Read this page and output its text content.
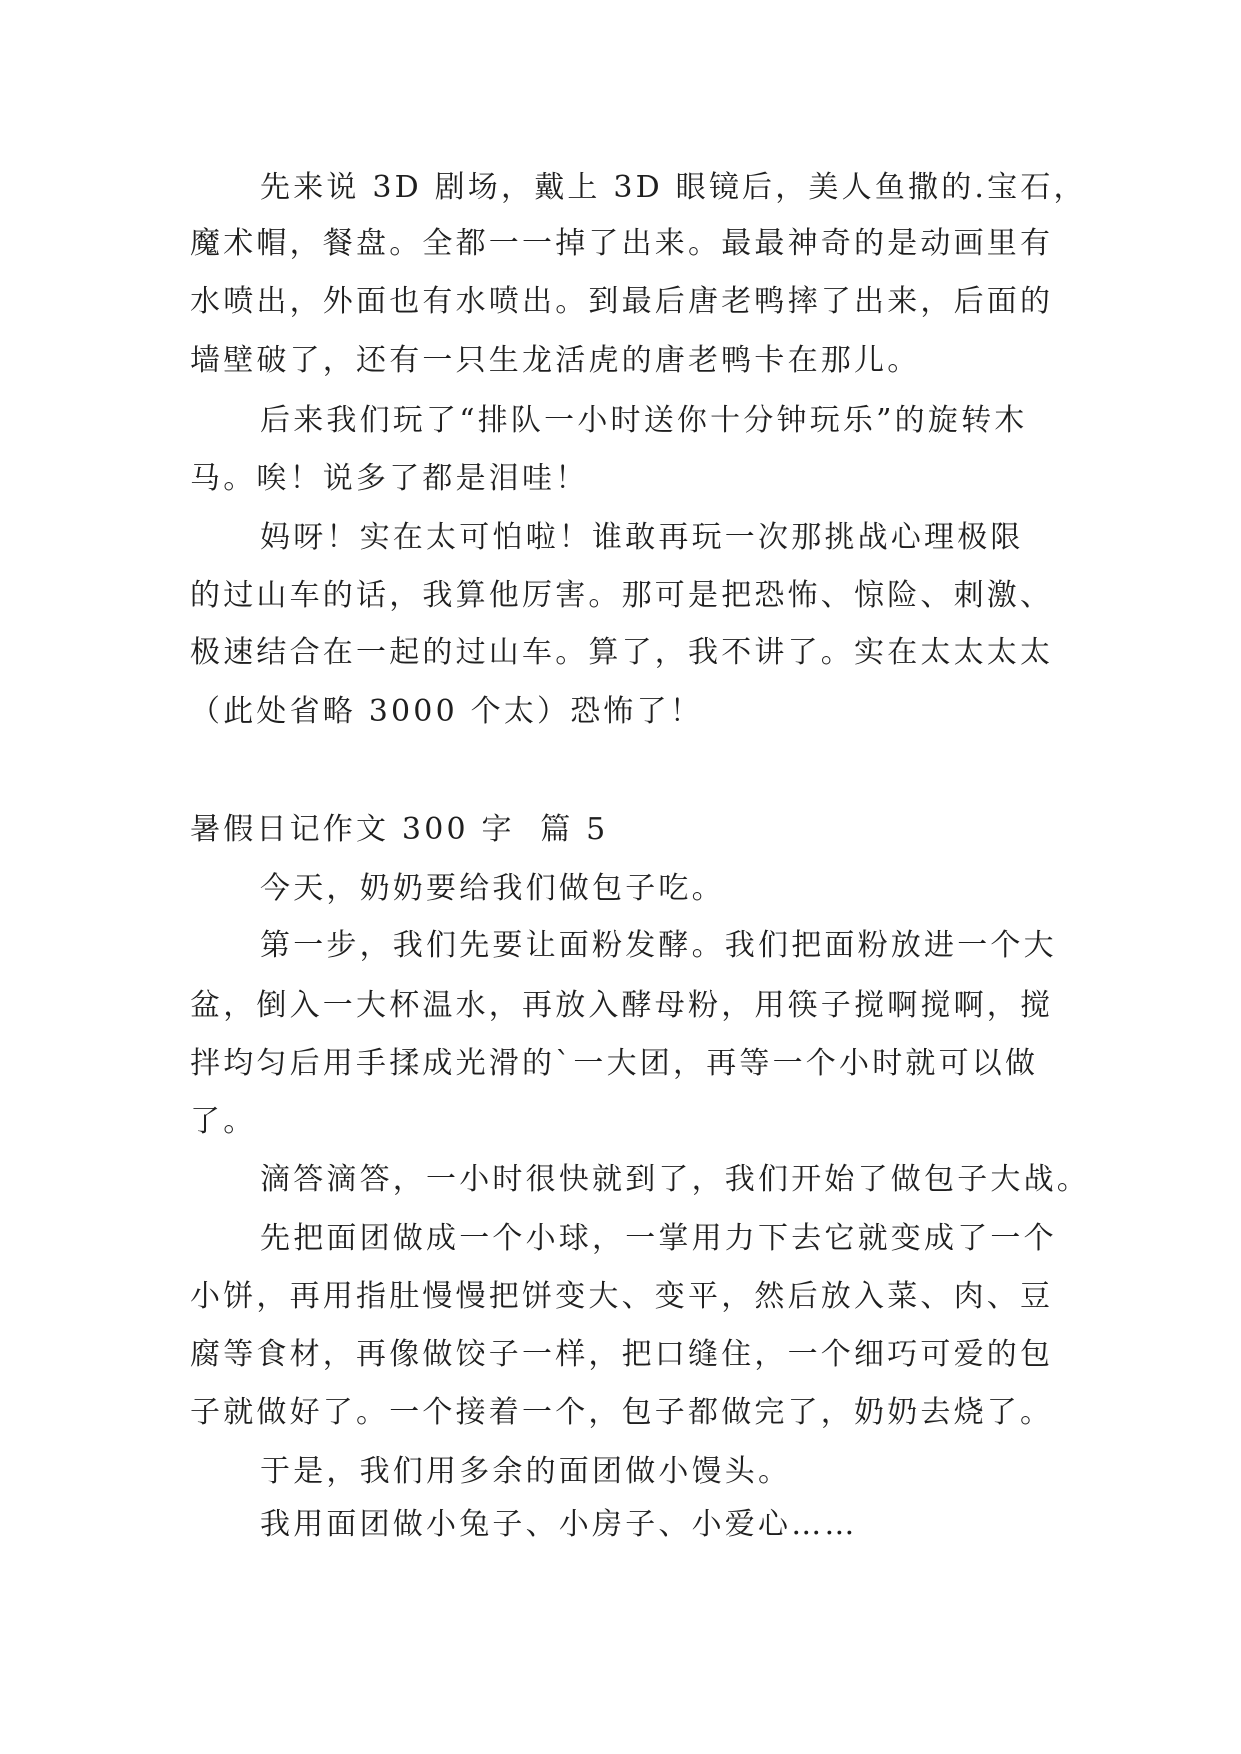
先来说 3D 剧场，戴上 3D 眼镜后，美人鱼撒的.宝石，
魔术帽，餐盘。全都一一掉了出来。最最神奇的是动画里有
水喷出，外面也有水喷出。到最后唐老鸭摔了出来，后面的
墙壁破了，还有一只生龙活虎的唐老鸭卡在那儿。
后来我们玩了“排队一小时送你十分钟玩乐”的旋转木
马。唉！说多了都是泪哇！
妈呀！实在太可怕啦！谁敢再玩一次那挑战心理极限
的过山车的话，我算他厉害。那可是把恐怖、惊险、刺激、
极速结合在一起的过山车。算了，我不讲了。实在太太太太
（此处省略 3000 个太）恐怖了！
暑假日记作文 300 字  篇 5
今天，奶奶要给我们做包子吃。
第一步，我们先要让面粉发酵。我们把面粉放进一个大
盆，倒入一大杯温水，再放入酵母粉，用筷子搅啊搅啊，搅
拌均匀后用手揉成光滑的`一大团，再等一个小时就可以做
了。
滴答滴答，一小时很快就到了，我们开始了做包子大战。
先把面团做成一个小球，一掌用力下去它就变成了一个
小饼，再用指肚慢慢把饼变大、变平，然后放入菜、肉、豆
腐等食材，再像做饺子一样，把口缝住，一个细巧可爱的包
子就做好了。一个接着一个，包子都做完了，奶奶去烧了。
于是，我们用多余的面团做小馒头。
我用面团做小兔子、小房子、小爱心……
